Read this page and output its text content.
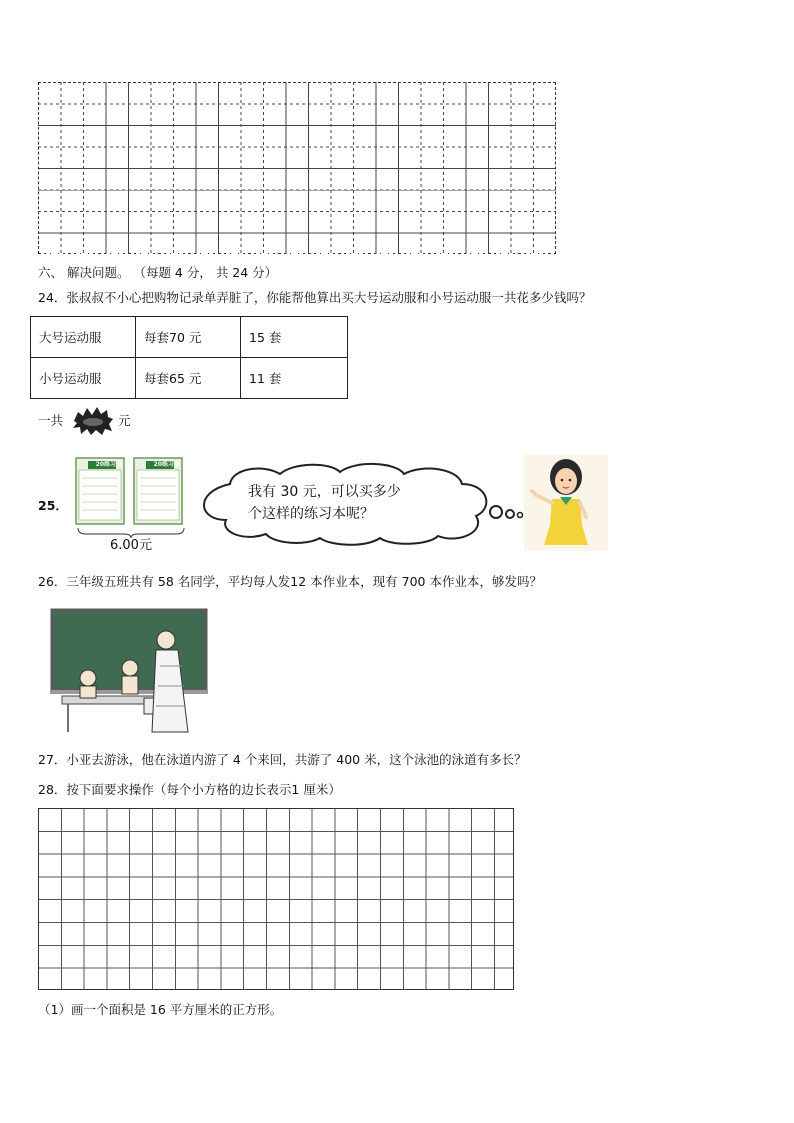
六、 解决问题。 （每题 4 分， 共 24 分）
24．张叔叔不小心把购物记录单弄脏了，你能帮他算出买大号运动服和小号运动服一共花多少钱吗？
大号运动服	每套70 元	15 套
小号运动服	每套65 元	11 套
一共	元
25．
20练习册	20练习册
6.00元
我有 30 元，可以买多少
个这样的练习本呢？
26．三年级五班共有 58 名同学，平均每人发12 本作业本，现有 700 本作业本，够发吗？
27．小亚去游泳，他在泳道内游了 4 个来回，共游了 400 米，这个泳池的泳道有多长？
28．按下面要求操作（每个小方格的边长表示1 厘米）
（1）画一个面积是 16 平方厘米的正方形。
